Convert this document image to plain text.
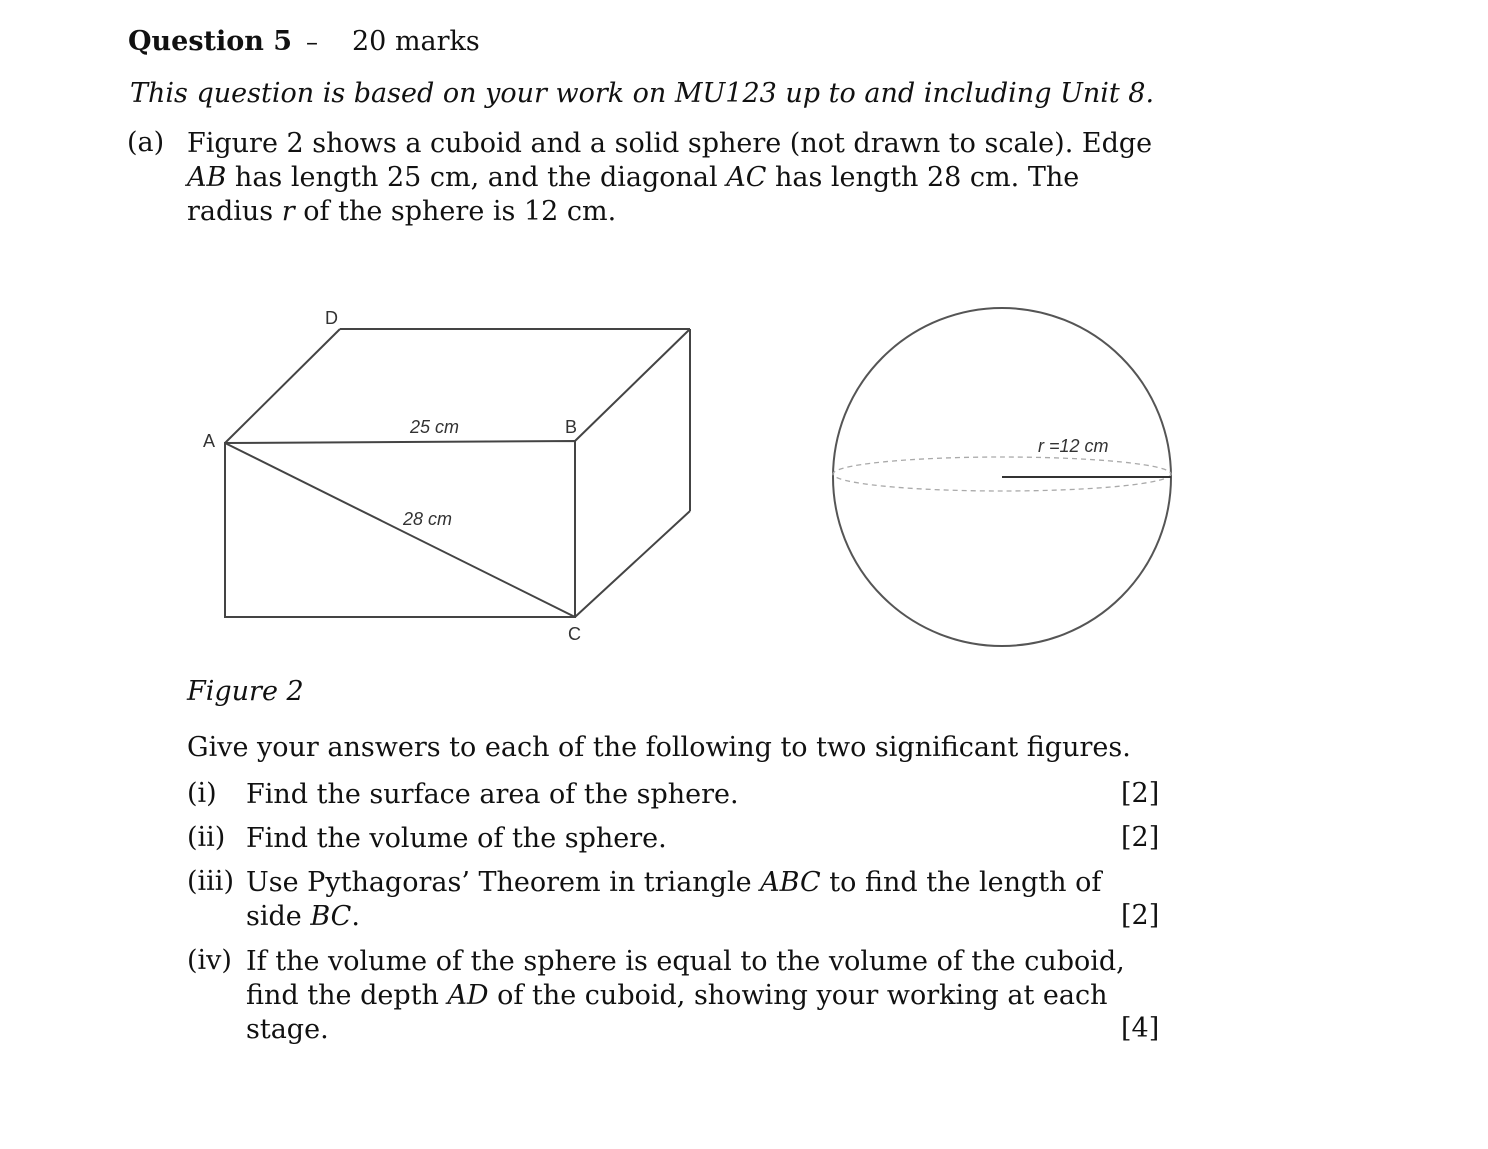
Question 5 – 20 marks
This question is based on your work on MU123 up to and including Unit 8.
(a) Figure 2 shows a cuboid and a solid sphere (not drawn to scale). Edge
AB has length 25 cm, and the diagonal AC has length 28 cm. The
radius r of the sphere is 12 cm.
D
A
B
C
25 cm
28 cm
r =12 cm
Figure 2
Give your answers to each of the following to two significant figures.
(i) Find the surface area of the sphere.	[2]
(ii) Find the volume of the sphere.	[2]
(iii) Use Pythagoras’ Theorem in triangle ABC to find the length of
side BC.	[2]
(iv) If the volume of the sphere is equal to the volume of the cuboid,
find the depth AD of the cuboid, showing your working at each
stage.	[4]
